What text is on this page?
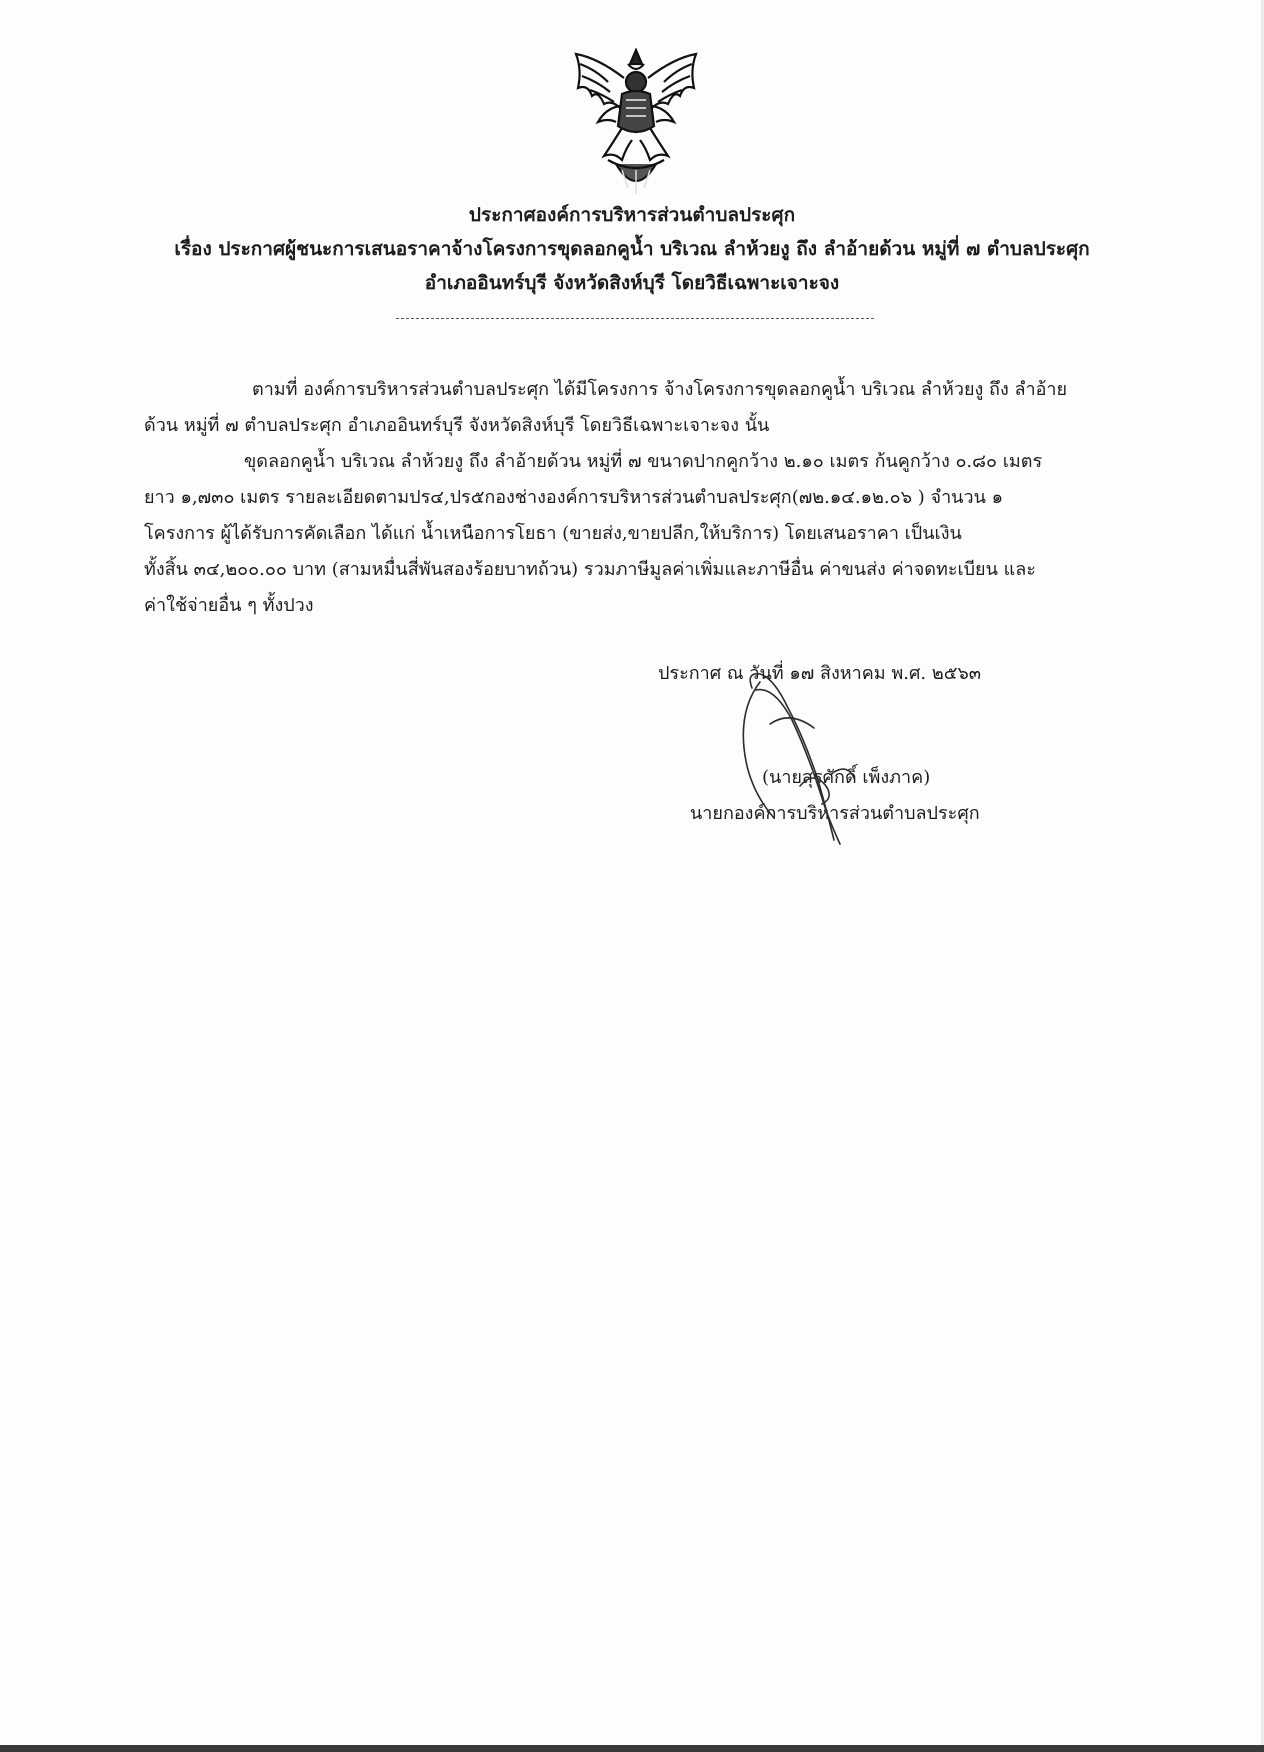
ประกาศองค์การบริหารส่วนตำบลประศุก
เรื่อง ประกาศผู้ชนะการเสนอราคาจ้างโครงการขุดลอกคูน้ำ บริเวณ ลำห้วยงู ถึง ลำอ้ายด้วน หมู่ที่ ๗ ตำบลประศุก
อำเภออินทร์บุรี จังหวัดสิงห์บุรี โดยวิธีเฉพาะเจาะจง
ตามที่ องค์การบริหารส่วนตำบลประศุก ได้มีโครงการ จ้างโครงการขุดลอกคูน้ำ บริเวณ ลำห้วยงู ถึง ลำอ้าย
ด้วน หมู่ที่ ๗ ตำบลประศุก อำเภออินทร์บุรี จังหวัดสิงห์บุรี โดยวิธีเฉพาะเจาะจง นั้น
ขุดลอกคูน้ำ บริเวณ ลำห้วยงู ถึง ลำอ้ายด้วน หมู่ที่ ๗ ขนาดปากคูกว้าง ๒.๑๐ เมตร ก้นคูกว้าง ๐.๘๐ เมตร
ยาว ๑,๗๓๐ เมตร รายละเอียดตามปร๔,ปร๕กองช่างองค์การบริหารส่วนตำบลประศุก(๗๒.๑๔.๑๒.๐๖ ) จำนวน ๑
โครงการ ผู้ได้รับการคัดเลือก ได้แก่ น้ำเหนือการโยธา (ขายส่ง,ขายปลีก,ให้บริการ) โดยเสนอราคา เป็นเงิน
ทั้งสิ้น ๓๔,๒๐๐.๐๐ บาท (สามหมื่นสี่พันสองร้อยบาทถ้วน) รวมภาษีมูลค่าเพิ่มและภาษีอื่น ค่าขนส่ง ค่าจดทะเบียน และ
ค่าใช้จ่ายอื่น ๆ ทั้งปวง
ประกาศ ณ วันที่ ๑๗ สิงหาคม พ.ศ. ๒๕๖๓
(นายสุรศักดิ์ เพ็งภาค)
นายกองค์การบริหารส่วนตำบลประศุก
